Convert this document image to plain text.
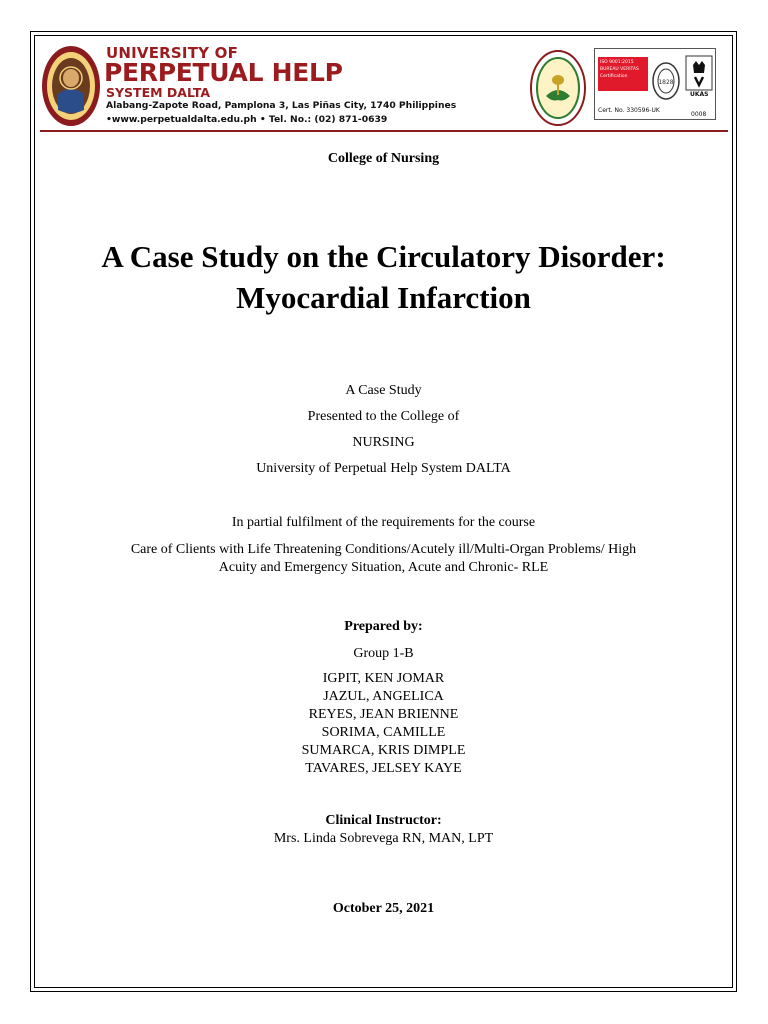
UNIVERSITY OF
PERPETUAL HELP
SYSTEM DALTA
Alabang-Zapote Road, Pamplona 3, Las Piñas City, 1740 Philippines
•www.perpetualdalta.edu.ph • Tel. No.: (02) 871-0639
ISO 9001:2015
BUREAU VERITAS
Certification
1828
UKAS
Cert. No. 330596-UK
0008
College of Nursing
A Case Study on the Circulatory Disorder:
Myocardial Infarction
A Case Study
Presented to the College of
NURSING
University of Perpetual Help System DALTA
In partial fulfilment of the requirements for the course
Care of Clients with Life Threatening Conditions/Acutely ill/Multi-Organ Problems/ High
Acuity and Emergency Situation, Acute and Chronic- RLE
Prepared by:
Group 1-B
IGPIT, KEN JOMAR
JAZUL, ANGELICA
REYES, JEAN BRIENNE
SORIMA, CAMILLE
SUMARCA, KRIS DIMPLE
TAVARES, JELSEY KAYE
Clinical Instructor:
Mrs. Linda Sobrevega RN, MAN, LPT
October 25, 2021
